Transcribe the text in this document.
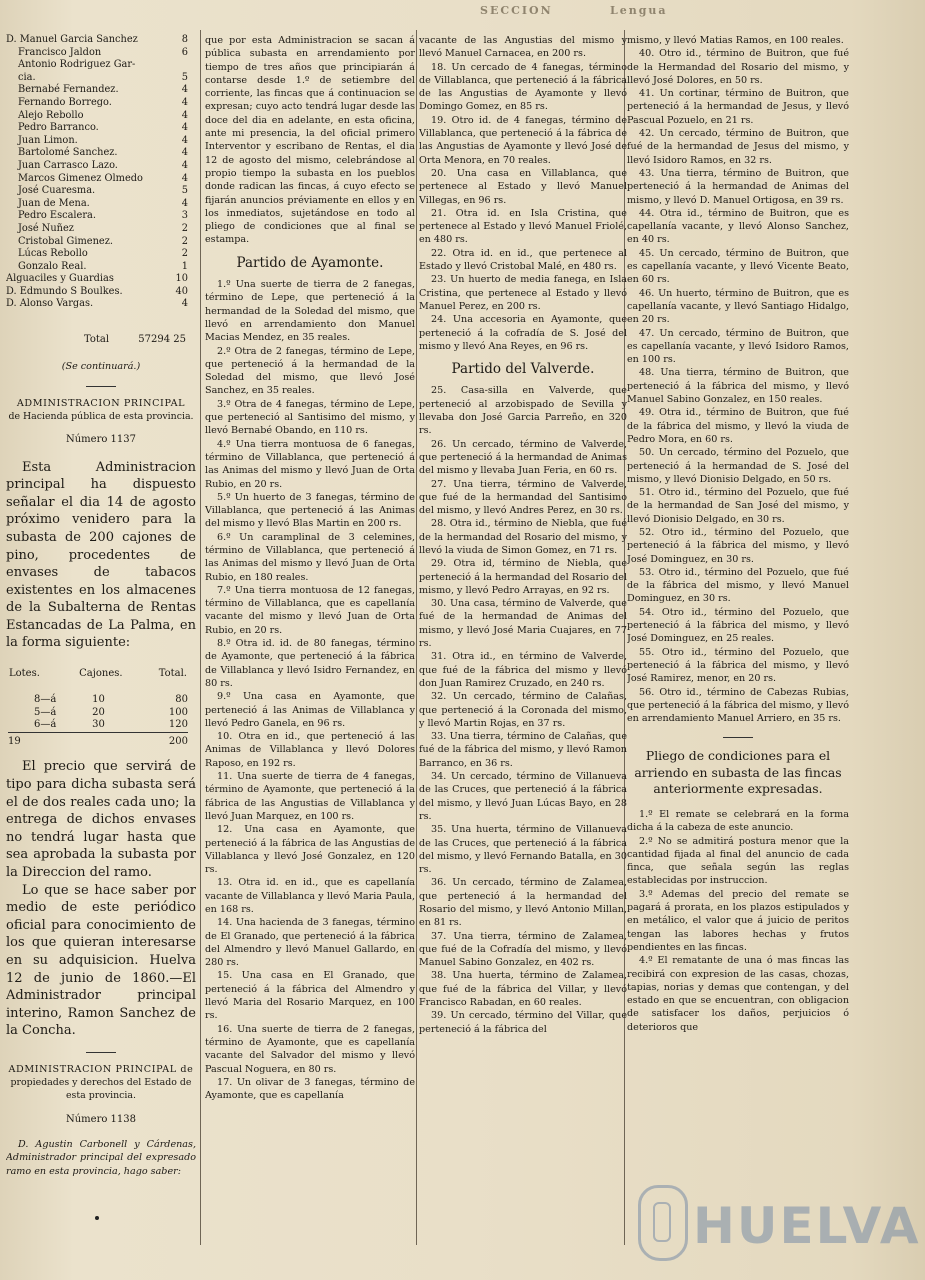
SECCION	Lengua
D. Manuel Garcia Sanchez	8
Francisco Jaldon	6
Antonio Rodriguez Gar-	
cia.	5
Bernabé Fernandez.	4
Fernando Borrego.	4
Alejo Rebollo	4
Pedro Barranco.	4
Juan Limon.	4
Bartolomé Sanchez.	4
Juan Carrasco Lazo.	4
Marcos Gimenez Olmedo	4
José Cuaresma.	5
Juan de Mena.	4
Pedro Escalera.	3
José Nuñez	2
Cristobal Gimenez.	2
Lúcas Rebollo	2
Gonzalo Real.	1
Alguaciles y Guardias	10
D. Edmundo S Boulkes.	40
D. Alonso Vargas.	4
Total	57294 25
(Se continuará.)
ADMINISTRACION PRINCIPAL
de Hacienda pública de esta provincia.
Número 1137

Esta Administracion principal ha dispuesto señalar el dia 14 de agosto próximo venidero para la subasta de 200 cajones de pino, procedentes de envases de tabacos existentes en los almacenes de la Subalterna de Rentas Estancadas de La Palma, en la forma siguiente:

Lotes.	Cajones.	Total.
8—á	10	80
5—á	20	100
6—á	30	120
19		200

El precio que servirá de tipo para dicha subasta será el de dos reales cada uno; la entrega de dichos envases no tendrá lugar hasta que sea aprobada la subasta por la Direccion del ramo.

Lo que se hace saber por medio de este periódico oficial para conocimiento de los que quieran interesarse en su adquisicion. Huelva 12 de junio de 1860.—El Administrador principal interino, Ramon Sanchez de la Concha.

ADMINISTRACION PRINCIPAL de
propiedades y derechos del Estado de esta provincia.
Número 1138

D. Agustin Carbonell y Cárdenas, Administrador principal del expresado ramo en esta provincia, hago saber:

que por esta Administracion se sacan á pública subasta en arrendamiento por tiempo de tres años que principiarán á contarse desde 1.º de setiembre del corriente, las fincas que á continuacion se expresan; cuyo acto tendrá lugar desde las doce del dia en adelante, en esta oficina, ante mi presencia, la del oficial primero Interventor y escribano de Rentas, el dia 12 de agosto del mismo, celebrándose al propio tiempo la subasta en los pueblos donde radican las fincas, á cuyo efecto se fijarán anuncios préviamente en ellos y en los inmediatos, sujetándose en todo al pliego de condiciones que al final se estampa.

Partido de Ayamonte.

1.º Una suerte de tierra de 2 fanegas, término de Lepe, que perteneció á la hermandad de la Soledad del mismo, que llevó en arrendamiento don Manuel Macias Mendez, en 35 reales.

2.º Otra de 2 fanegas, término de Lepe, que perteneció á la hermandad de la Soledad del mismo, que llevó José Sanchez, en 35 reales.

3.º Otra de 4 fanegas, término de Lepe, que perteneció al Santisimo del mismo, y llevó Bernabé Obando, en 110 rs.

4.º Una tierra montuosa de 6 fanegas, término de Villablanca, que perteneció á las Animas del mismo y llevó Juan de Orta Rubio, en 20 rs.

5.º Un huerto de 3 fanegas, término de Villablanca, que perteneció á las Animas del mismo y llevó Blas Martin en 200 rs.

6.º Un caramplinal de 3 celemines, término de Villablanca, que perteneció á las Animas del mismo y llevó Juan de Orta Rubio, en 180 reales.

7.º Una tierra montuosa de 12 fanegas, término de Villablanca, que es capellanía vacante del mismo y llevó Juan de Orta Rubio, en 20 rs.

8.º Otra id. id. de 80 fanegas, término de Ayamonte, que perteneció á la fábrica de Villablanca y llevó Isidro Fernandez, en 80 rs.

9.º Una casa en Ayamonte, que perteneció á las Animas de Villablanca y llevó Pedro Ganela, en 96 rs.

10. Otra en id., que perteneció á las Animas de Villablanca y llevó Dolores Raposo, en 192 rs.

11. Una suerte de tierra de 4 fanegas, término de Ayamonte, que perteneció á la fábrica de las Angustias de Villablanca y llevó Juan Marquez, en 100 rs.

12. Una casa en Ayamonte, que perteneció á la fábrica de las Angustias de Villablanca y llevó José Gonzalez, en 120 rs.

13. Otra id. en id., que es capellanía vacante de Villablanca y llevó Maria Paula, en 168 rs.

14. Una hacienda de 3 fanegas, término de El Granado, que perteneció á la fábrica del Almendro y llevó Manuel Gallardo, en 280 rs.

15. Una casa en El Granado, que perteneció á la fábrica del Almendro y llevó Maria del Rosario Marquez, en 100 rs.

16. Una suerte de tierra de 2 fanegas, término de Ayamonte, que es capellanía vacante del Salvador del mismo y llevó Pascual Noguera, en 80 rs.

17. Un olivar de 3 fanegas, término de Ayamonte, que es capellanía

vacante de las Angustias del mismo y llevó Manuel Carnacea, en 200 rs.

18. Un cercado de 4 fanegas, término de Villablanca, que perteneció á la fábrica de las Angustias de Ayamonte y llevó Domingo Gomez, en 85 rs.

19. Otro id. de 4 fanegas, término de Villablanca, que perteneció á la fábrica de las Angustias de Ayamonte y llevó José de Orta Menora, en 70 reales.

20. Una casa en Villablanca, que pertenece al Estado y llevó Manuel Villegas, en 96 rs.

21. Otra id. en Isla Cristina, que pertenece al Estado y llevó Manuel Friolé, en 480 rs.

22. Otra id. en id., que pertenece al Estado y llevó Cristobal Malé, en 480 rs.

23. Un huerto de media fanega, en Isla Cristina, que pertenece al Estado y llevó Manuel Perez, en 200 rs.

24. Una accesoria en Ayamonte, que perteneció á la cofradía de S. José del mismo y llevó Ana Reyes, en 96 rs.

Partido del Valverde.

25. Casa-silla en Valverde, que perteneció al arzobispado de Sevilla y llevaba don José Garcia Parreño, en 320 rs.

26. Un cercado, término de Valverde, que perteneció á la hermandad de Animas del mismo y llevaba Juan Feria, en 60 rs.

27. Una tierra, término de Valverde, que fué de la hermandad del Santisimo del mismo, y llevó Andres Perez, en 30 rs.

28. Otra id., término de Niebla, que fué de la hermandad del Rosario del mismo, y llevó la viuda de Simon Gomez, en 71 rs.

29. Otra id, término de Niebla, que perteneció á la hermandad del Rosario del mismo, y llevó Pedro Arrayas, en 92 rs.

30. Una casa, término de Valverde, que fué de la hermandad de Animas del mismo, y llevó José Maria Cuajares, en 77 rs.

31. Otra id., en término de Valverde, que fué de la fábrica del mismo y llevó don Juan Ramirez Cruzado, en 240 rs.

32. Un cercado, término de Calañas, que perteneció á la Coronada del mismo, y llevó Martin Rojas, en 37 rs.

33. Una tierra, término de Calañas, que fué de la fábrica del mismo, y llevó Ramon Barranco, en 36 rs.

34. Un cercado, término de Villanueva de las Cruces, que perteneció á la fábrica del mismo, y llevó Juan Lúcas Bayo, en 28 rs.

35. Una huerta, término de Villanueva de las Cruces, que perteneció á la fábrica del mismo, y llevó Fernando Batalla, en 30 rs.

36. Un cercado, término de Zalamea, que perteneció á la hermandad del Rosario del mismo, y llevó Antonio Millan, en 81 rs.

37. Una tierra, término de Zalamea, que fué de la Cofradía del mismo, y llevó Manuel Sabino Gonzalez, en 402 rs.

38. Una huerta, término de Zalamea, que fué de la fábrica del Villar, y llevó Francisco Rabadan, en 60 reales.

39. Un cercado, término del Villar, que perteneció á la fábrica del

mismo, y llevó Matias Ramos, en 100 reales.

40. Otro id., término de Buitron, que fué de la Hermandad del Rosario del mismo, y llevó José Dolores, en 50 rs.

41. Un cortinar, término de Buitron, que perteneció á la hermandad de Jesus, y llevó Pascual Pozuelo, en 21 rs.

42. Un cercado, término de Buitron, que fué de la hermandad de Jesus del mismo, y llevó Isidoro Ramos, en 32 rs.

43. Una tierra, término de Buitron, que perteneció á la hermandad de Animas del mismo, y llevó D. Manuel Ortigosa, en 39 rs.

44. Otra id., término de Buitron, que es capellanía vacante, y llevó Alonso Sanchez, en 40 rs.

45. Un cercado, término de Buitron, que es capellanía vacante, y llevó Vicente Beato, en 60 rs.

46. Un huerto, término de Buitron, que es capellanía vacante, y llevó Santiago Hidalgo, en 20 rs.

47. Un cercado, término de Buitron, que es capellanía vacante, y llevó Isidoro Ramos, en 100 rs.

48. Una tierra, término de Buitron, que perteneció á la fábrica del mismo, y llevó Manuel Sabino Gonzalez, en 150 reales.

49. Otra id., término de Buitron, que fué de la fábrica del mismo, y llevó la viuda de Pedro Mora, en 60 rs.

50. Un cercado, término del Pozuelo, que perteneció á la hermandad de S. José del mismo, y llevó Dionisio Delgado, en 50 rs.

51. Otro id., término del Pozuelo, que fué de la hermandad de San José del mismo, y llevó Dionisio Delgado, en 30 rs.

52. Otro id., término del Pozuelo, que perteneció á la fábrica del mismo, y llevó José Dominguez, en 30 rs.

53. Otro id., término del Pozuelo, que fué de la fábrica del mismo, y llevó Manuel Dominguez, en 30 rs.

54. Otro id., término del Pozuelo, que perteneció á la fábrica del mismo, y llevó José Dominguez, en 25 reales.

55. Otro id., término del Pozuelo, que perteneció á la fábrica del mismo, y llevó José Ramirez, menor, en 20 rs.

56. Otro id., término de Cabezas Rubias, que perteneció á la fábrica del mismo, y llevó en arrendamiento Manuel Arriero, en 35 rs.

Pliego de condiciones para el arriendo en subasta de las fincas anteriormente expresadas.

1.º El remate se celebrará en la forma dicha á la cabeza de este anuncio.

2.º No se admitirá postura menor que la cantidad fijada al final del anuncio de cada finca, que señala según las reglas establecidas por instruccion.

3.º Ademas del precio del remate se pagará á prorata, en los plazos estipulados y en metálico, el valor que á juicio de peritos tengan las labores hechas y frutos pendientes en las fincas.

4.º El rematante de una ó mas fincas las recibirá con expresion de las casas, chozas, tapias, norias y demas que contengan, y del estado en que se encuentran, con obligacion de satisfacer los daños, perjuicios ó deterioros que

HUELVA
